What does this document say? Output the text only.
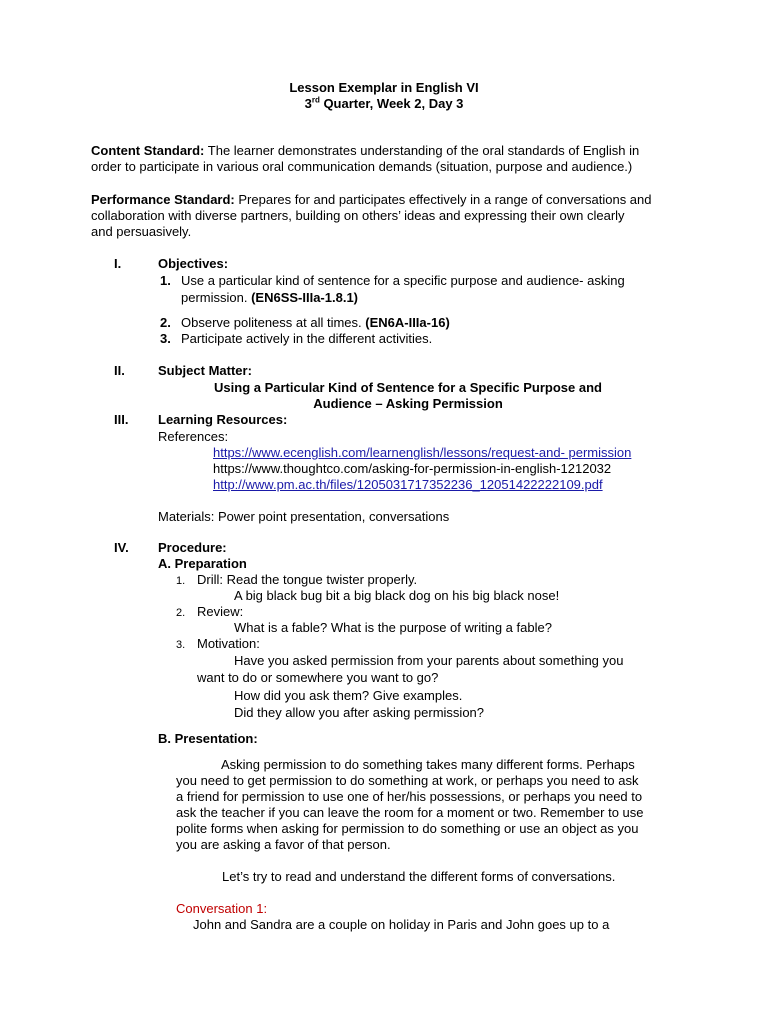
Lesson Exemplar in English VI
3rd Quarter, Week 2, Day 3
Content Standard: The learner demonstrates understanding of the oral standards of English in
order to participate in various oral communication demands (situation, purpose and audience.)
Performance Standard: Prepares for and participates effectively in a range of conversations and
collaboration with diverse partners, building on others’ ideas and expressing their own clearly
and persuasively.
I.	Objectives:
1. Use a particular kind of sentence for a specific purpose and audience- asking
permission. (EN6SS-IIIa-1.8.1)
2. Observe politeness at all times. (EN6A-IIIa-16)
3. Participate actively in the different activities.
II.	Subject Matter:
Using a Particular Kind of Sentence for a Specific Purpose and
Audience – Asking Permission
III. Learning Resources:
References:
https://www.ecenglish.com/learnenglish/lessons/request-and- permission
https://www.thoughtco.com/asking-for-permission-in-english-1212032
http://www.pm.ac.th/files/1205031717352236_12051422222109.pdf
Materials: Power point presentation, conversations
IV. Procedure:
A. Preparation
1. Drill: Read the tongue twister properly.
A big black bug bit a big black dog on his big black nose!
2. Review:
What is a fable? What is the purpose of writing a fable?
3. Motivation:
Have you asked permission from your parents about something you
want to do or somewhere you want to go?
How did you ask them? Give examples.
Did they allow you after asking permission?
B. Presentation:
Asking permission to do something takes many different forms. Perhaps
you need to get permission to do something at work, or perhaps you need to ask
a friend for permission to use one of her/his possessions, or perhaps you need to
ask the teacher if you can leave the room for a moment or two. Remember to use
polite forms when asking for permission to do something or use an object as you
you are asking a favor of that person.
Let’s try to read and understand the different forms of conversations.
Conversation 1:
John and Sandra are a couple on holiday in Paris and John goes up to a
